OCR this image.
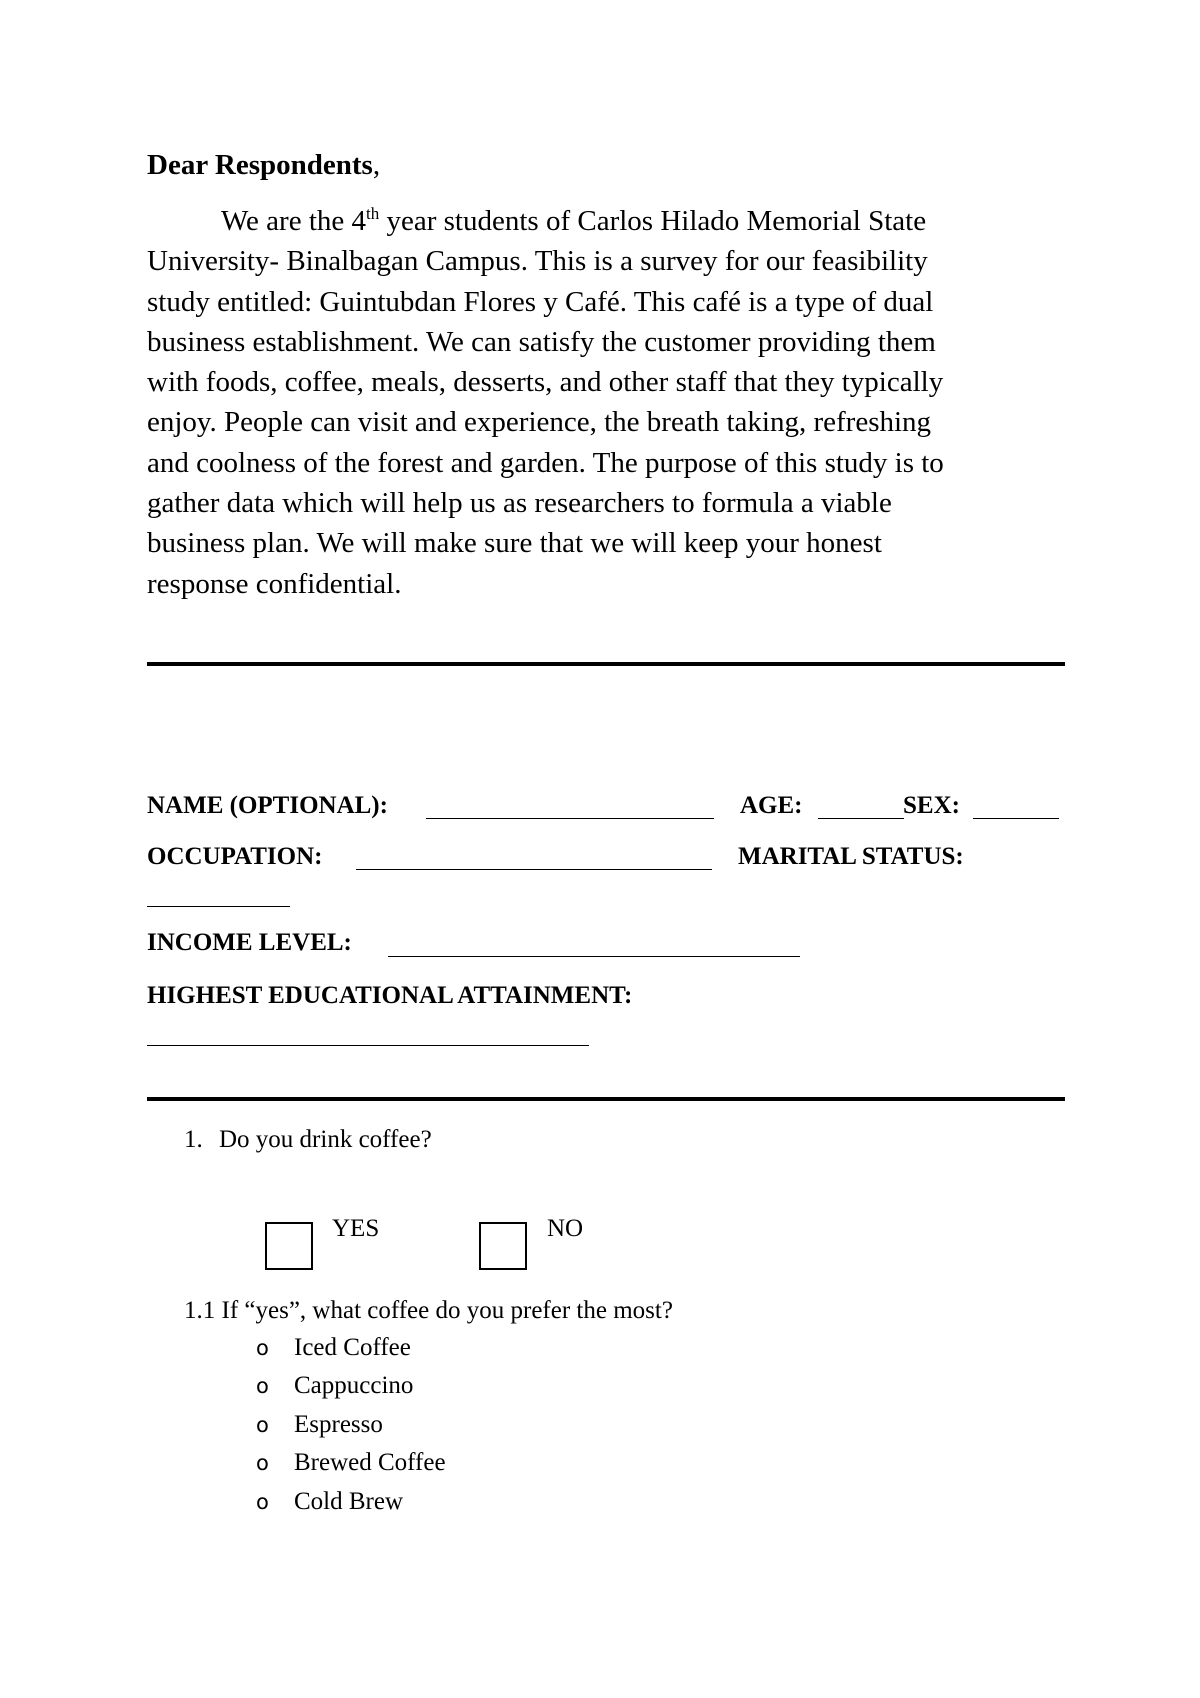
Dear Respondents,
We are the 4th year students of Carlos Hilado Memorial State
University- Binalbagan Campus. This is a survey for our feasibility
study entitled: Guintubdan Flores y Café. This café is a type of dual
business establishment. We can satisfy the customer providing them
with foods, coffee, meals, desserts, and other staff that they typically
enjoy. People can visit and experience, the breath taking, refreshing
and coolness of the forest and garden. The purpose of this study is to
gather data which will help us as researchers to formula a viable
business plan. We will make sure that we will keep your honest
response confidential.
NAME (OPTIONAL):	AGE:	SEX:
OCCUPATION:	MARITAL STATUS:
INCOME LEVEL:
HIGHEST EDUCATIONAL ATTAINMENT:
1. Do you drink coffee?
YES	NO
1.1 If “yes”, what coffee do you prefer the most?
o Iced Coffee
o Cappuccino
o Espresso
o Brewed Coffee
o Cold Brew
